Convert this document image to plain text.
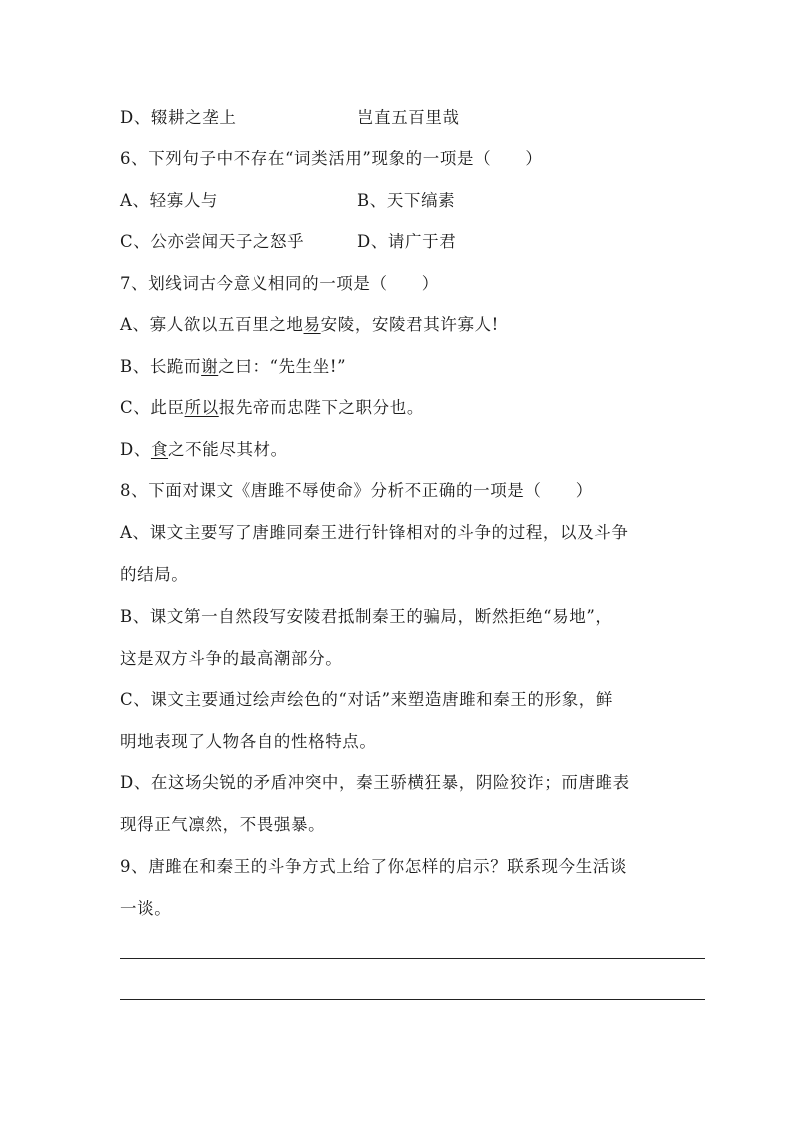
D、辍耕之垄上	岂直五百里哉
6、下列句子中不存在“词类活用”现象的一项是（　　）
A、轻寡人与	B、天下缟素
C、公亦尝闻天子之怒乎	D、请广于君
7、划线词古今意义相同的一项是（　　）
A、寡人欲以五百里之地易安陵，安陵君其许寡人!
B、长跪而谢之曰：“先生坐!”
C、此臣所以报先帝而忠陛下之职分也。
D、食之不能尽其材。
8、下面对课文《唐雎不辱使命》分析不正确的一项是（　　）
A、课文主要写了唐雎同秦王进行针锋相对的斗争的过程，以及斗争
的结局。
B、课文第一自然段写安陵君抵制秦王的骗局，断然拒绝“易地”，
这是双方斗争的最高潮部分。
C、课文主要通过绘声绘色的“对话”来塑造唐雎和秦王的形象，鲜
明地表现了人物各自的性格特点。
D、在这场尖锐的矛盾冲突中，秦王骄横狂暴，阴险狡诈；而唐雎表
现得正气凛然，不畏强暴。
9、唐雎在和秦王的斗争方式上给了你怎样的启示？联系现今生活谈
一谈。
